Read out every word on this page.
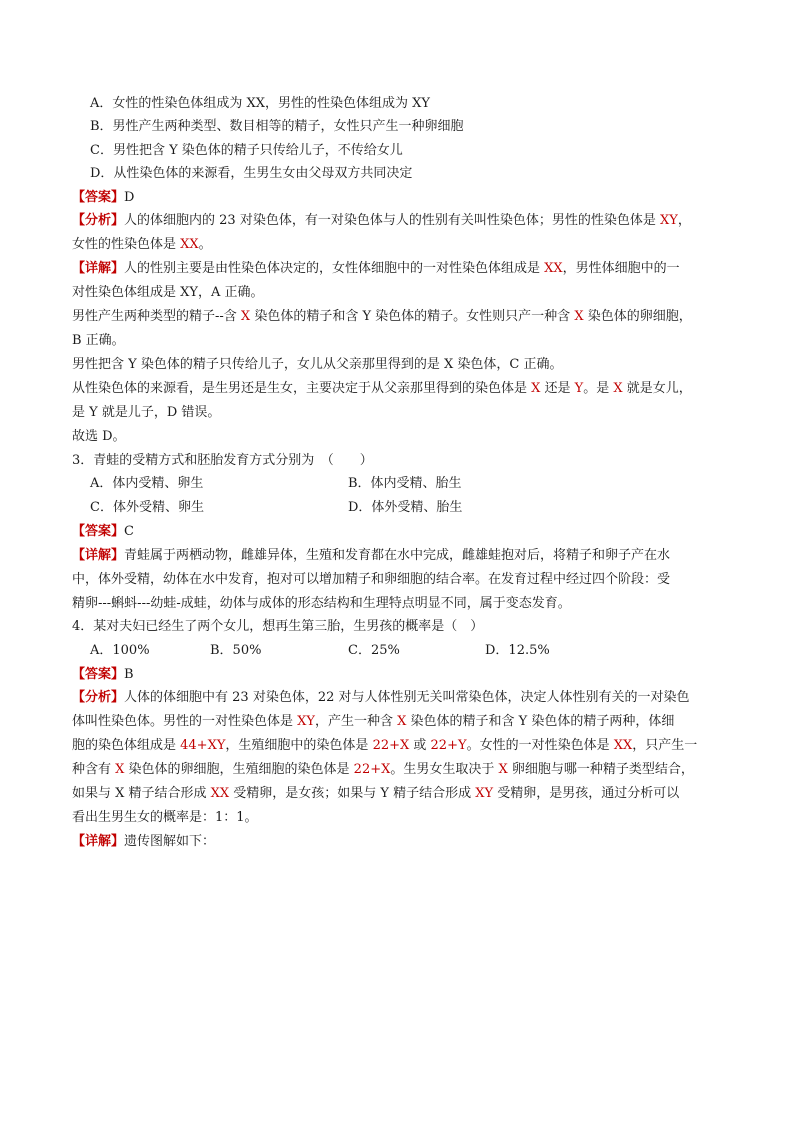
A．女性的性染色体组成为 XX，男性的性染色体组成为 XY
B．男性产生两种类型、数目相等的精子，女性只产生一种卵细胞
C．男性把含 Y 染色体的精子只传给儿子，不传给女儿
D．从性染色体的来源看，生男生女由父母双方共同决定
【答案】D
【分析】人的体细胞内的 23 对染色体，有一对染色体与人的性别有关叫性染色体；男性的性染色体是 XY，
女性的性染色体是 XX。
【详解】人的性别主要是由性染色体决定的，女性体细胞中的一对性染色体组成是 XX，男性体细胞中的一
对性染色体组成是 XY，A 正确。
男性产生两种类型的精子--含 X 染色体的精子和含 Y 染色体的精子。女性则只产一种含 X 染色体的卵细胞，
B 正确。
男性把含 Y 染色体的精子只传给儿子，女儿从父亲那里得到的是 X 染色体，C 正确。
从性染色体的来源看，是生男还是生女，主要决定于从父亲那里得到的染色体是 X 还是 Y。是 X 就是女儿，
是 Y 就是儿子，D 错误。
故选 D。
3．青蛙的受精方式和胚胎发育方式分别为　（　　）
A．体内受精、卵生	B．体内受精、胎生
C．体外受精、卵生	D．体外受精、胎生
【答案】C
【详解】青蛙属于两栖动物，雌雄异体，生殖和发育都在水中完成，雌雄蛙抱对后，将精子和卵子产在水
中，体外受精，幼体在水中发育，抱对可以增加精子和卵细胞的结合率。在发育过程中经过四个阶段：受
精卵---蝌蚪---幼蛙-成蛙，幼体与成体的形态结构和生理特点明显不同，属于变态发育。
4．某对夫妇已经生了两个女儿，想再生第三胎，生男孩的概率是（　）
A．100%	B．50%	C．25%	D．12.5%
【答案】B
【分析】人体的体细胞中有 23 对染色体，22 对与人体性别无关叫常染色体，决定人体性别有关的一对染色
体叫性染色体。男性的一对性染色体是 XY，产生一种含 X 染色体的精子和含 Y 染色体的精子两种，体细
胞的染色体组成是 44+XY，生殖细胞中的染色体是 22+X 或 22+Y。女性的一对性染色体是 XX，只产生一
种含有 X 染色体的卵细胞，生殖细胞的染色体是 22+X。生男女生取决于 X 卵细胞与哪一种精子类型结合，
如果与 X 精子结合形成 XX 受精卵，是女孩；如果与 Y 精子结合形成 XY 受精卵，是男孩，通过分析可以
看出生男生女的概率是：1：1。
【详解】遗传图解如下：
